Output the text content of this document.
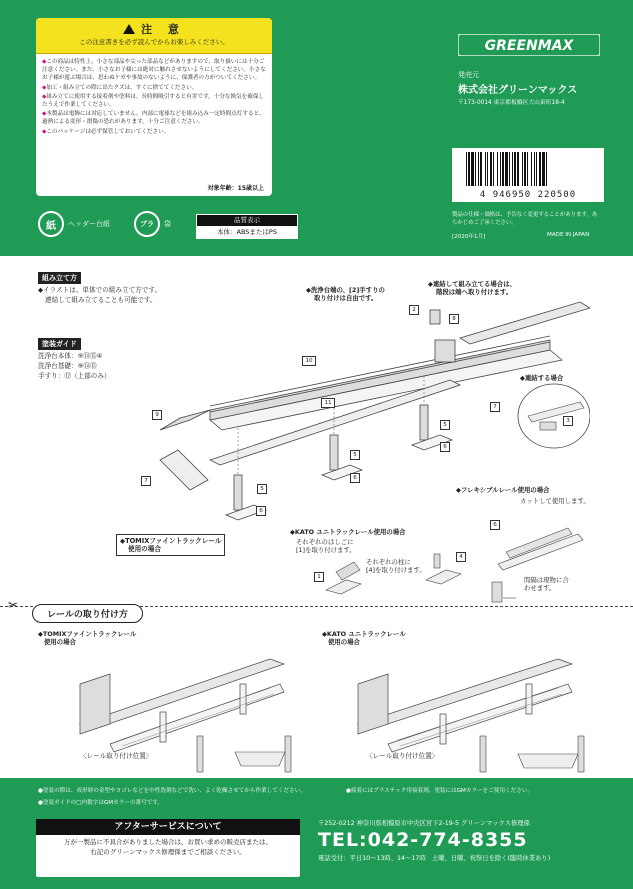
注 意
この注意書きを必ず読んでからお楽しみください。
◆この商品は特性上、小さな部品や尖った部品などがありますので、取り扱いには十分ご注意ください。また、小さなお子様には絶対に触れさせないようにしてください。小さなお子様が遊ぶ場合は、思わぬケガや事故のないように、保護者の方がついてください。
◆加工・組み立ての際に出たクズは、すぐに捨ててください。
◆組み立てに使用する接着剤や塗料は、長時間吸引すると有害です。十分な換気を確保したうえで作業してください。
◆本製品は電飾には対応していません。内部に電球などを組み込み一定時間点灯すると、過熱による変形・損傷の恐れがあります。十分ご注意ください。
◆このパッケージは必ず保管しておいてください。
対象年齢：15歳以上
GREENMAX
発売元
株式会社グリーンマックス
〒173-0014 東京都板橋区大山東町18-4
4 946950 220500
製品の仕様・価格は、予告なく変更することがあります。あらかじめご了承ください。
[2020年1月]	MADE IN JAPAN
紙	ヘッダー台紙	プラ	袋	品質表示
本体：ABSまたはPS
組み立て方
◆イラストは、単体での組み立て方です。
連結して組み立てることも可能です。
塗装ガイド
洗浄台本体：⑨⑭⑮④
洗浄台基礎：⑨⑭⑮
手すり：⑫（上部のみ）
◆洗浄台端の、[2]手すりの
取り付けは自由です。
◆連結して組み立てる場合は、
階段は端へ取り付けます。
◆連結する場合
2
8
10
11
9
7
5
6
5
6
5
6
7
3
◆フレキシブルレール使用の場合
カットして使用します。
6
間隔は現物に合
わせます。
◆TOMIXファイントラックレール
使用の場合
◆KATO ユニトラックレール使用の場合
それぞれのはしごに
[1]を取り付けます。
それぞれの柱に
[4]を取り付けます。
1
4
✂
レールの取り付け方
◆TOMIXファイントラックレール
使用の場合
◆KATO ユニトラックレール
使用の場合
〈レール取り付け位置〉	〈レール取り付け位置〉
●塗装の際は、成形時の金型やヨゴレなどを中性洗剤などで洗い、よく乾燥させてから作業してください。	●接着にはプラスチック用接着剤、塗装にはGMカラーをご使用ください。
●塗装ガイドの□内数字はGMカラーの番号です。
アフターサービスについて
万が一製品に不具合がありました場合は、お買い求めの販売店または、
右記のグリーンマックス修理係までご相談ください。
〒252-0212 神奈川県相模原市中央区宮下2-19-5 グリーンマックス修理係
TEL:042-774-8355
電話受付：平日10～13時、14～17時　土曜、日曜、祝祭日を除く(臨時休業あり)
